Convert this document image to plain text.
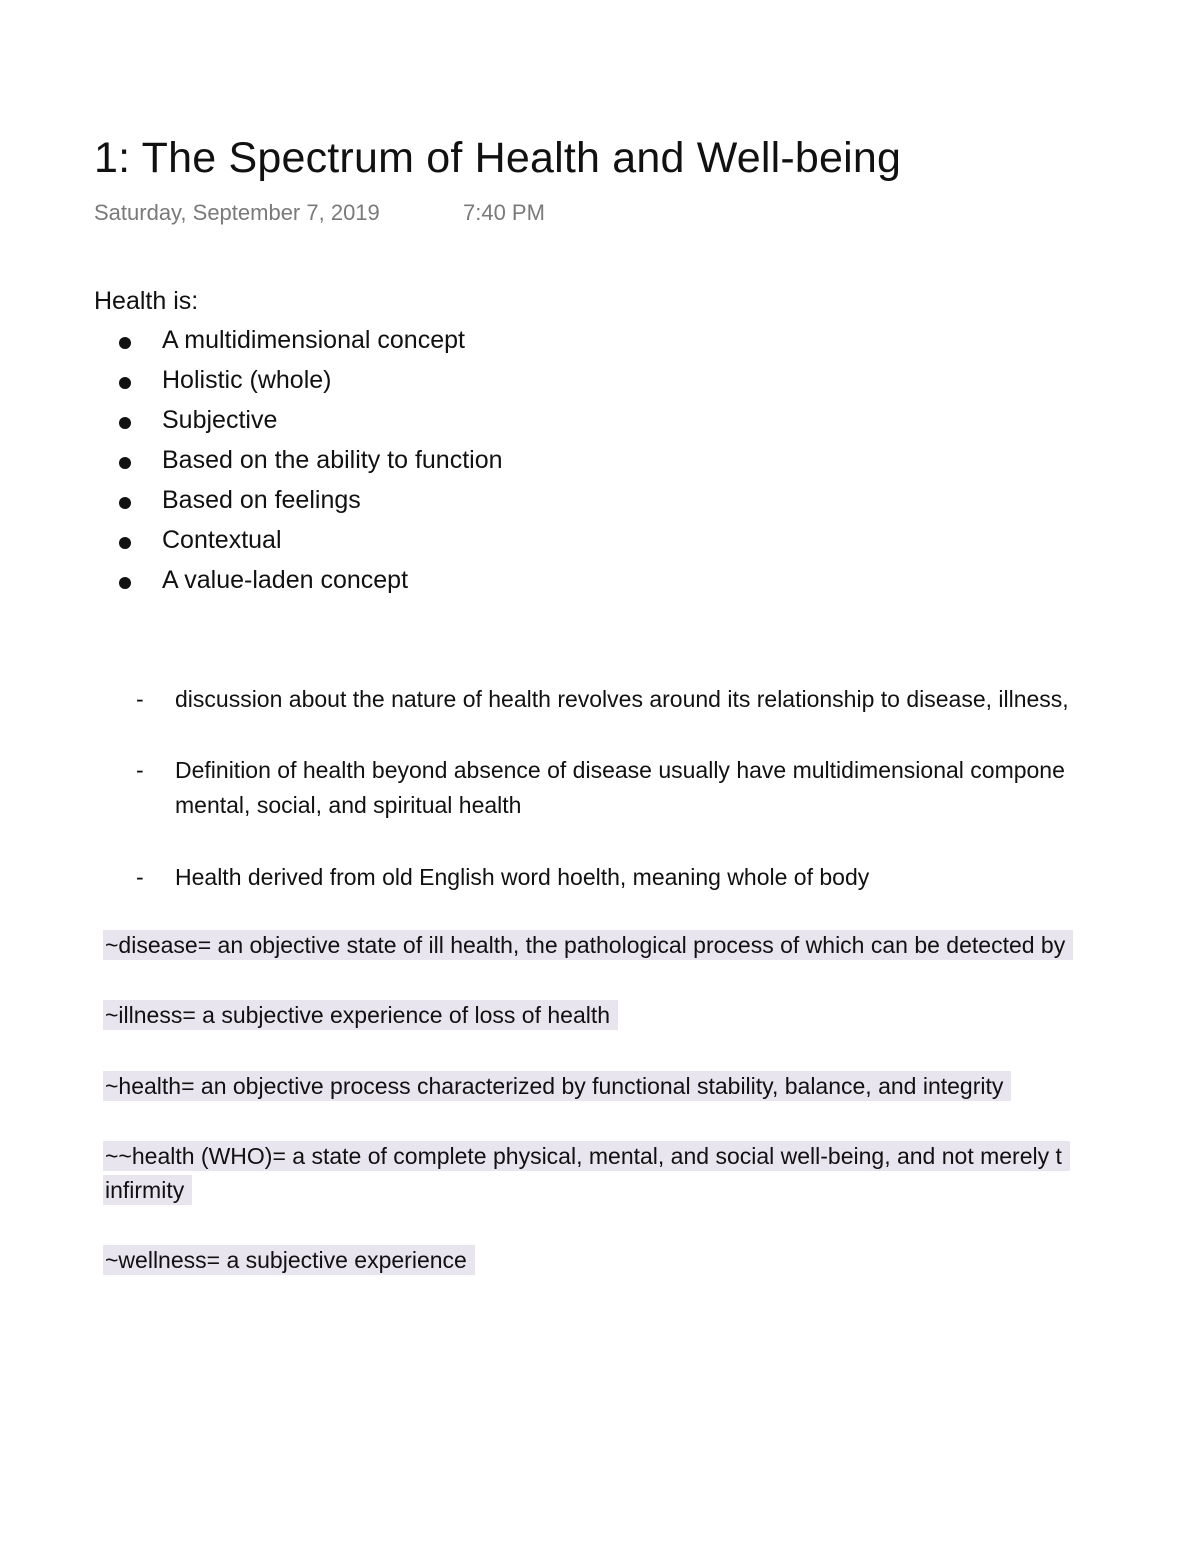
1: The Spectrum of Health and Well-being
Saturday, September 7, 2019	7:40 PM
Health is:
A multidimensional concept
Holistic (whole)
Subjective
Based on the ability to function
Based on feelings
Contextual
A value-laden concept
- discussion about the nature of health revolves around its relationship to disease, illness,
- Definition of health beyond absence of disease usually have multidimensional compone
mental, social, and spiritual health
- Health derived from old English word hoelth, meaning whole of body
~disease= an objective state of ill health, the pathological process of which can be detected by
~illness= a subjective experience of loss of health
~health= an objective process characterized by functional stability, balance, and integrity
~~health (WHO)= a state of complete physical, mental, and social well-being, and not merely t
infirmity
~wellness= a subjective experience
